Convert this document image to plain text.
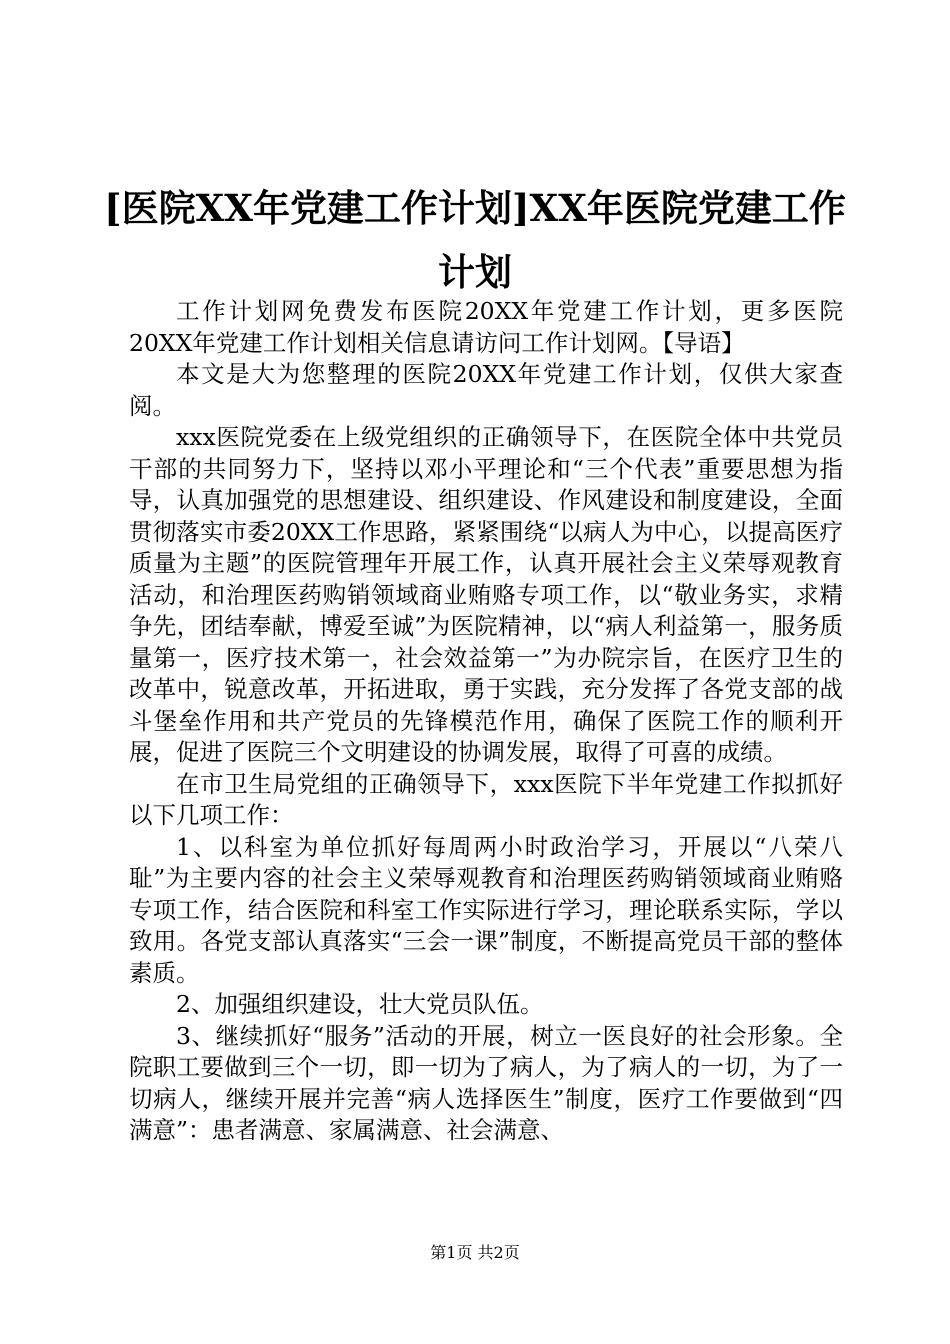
[医院XX年党建工作计划]XX年医院党建工作计划

工作计划网免费发布医院20XX年党建工作计划，更多医院20XX年党建工作计划相关信息请访问工作计划网。【导语】

本文是大为您整理的医院20XX年党建工作计划，仅供大家查阅。

xxx医院党委在上级党组织的正确领导下，在医院全体中共党员干部的共同努力下，坚持以邓小平理论和“三个代表”重要思想为指导，认真加强党的思想建设、组织建设、作风建设和制度建设，全面贯彻落实市委20XX工作思路，紧紧围绕“以病人为中心，以提高医疗质量为主题”的医院管理年开展工作，认真开展社会主义荣辱观教育活动，和治理医药购销领域商业贿赂专项工作，以“敬业务实，求精争先，团结奉献，博爱至诚”为医院精神，以“病人利益第一，服务质量第一，医疗技术第一，社会效益第一”为办院宗旨，在医疗卫生的改革中，锐意改革，开拓进取，勇于实践，充分发挥了各党支部的战斗堡垒作用和共产党员的先锋模范作用，确保了医院工作的顺利开展，促进了医院三个文明建设的协调发展，取得了可喜的成绩。

在市卫生局党组的正确领导下，xxx医院下半年党建工作拟抓好以下几项工作：

1、以科室为单位抓好每周两小时政治学习，开展以“八荣八耻”为主要内容的社会主义荣辱观教育和治理医药购销领域商业贿赂专项工作，结合医院和科室工作实际进行学习，理论联系实际，学以致用。各党支部认真落实“三会一课”制度，不断提高党员干部的整体素质。

2、加强组织建设，壮大党员队伍。

3、继续抓好“服务”活动的开展，树立一医良好的社会形象。全院职工要做到三个一切，即一切为了病人，为了病人的一切，为了一切病人，继续开展并完善“病人选择医生”制度，医疗工作要做到“四满意”：患者满意、家属满意、社会满意、

第1页 共2页
